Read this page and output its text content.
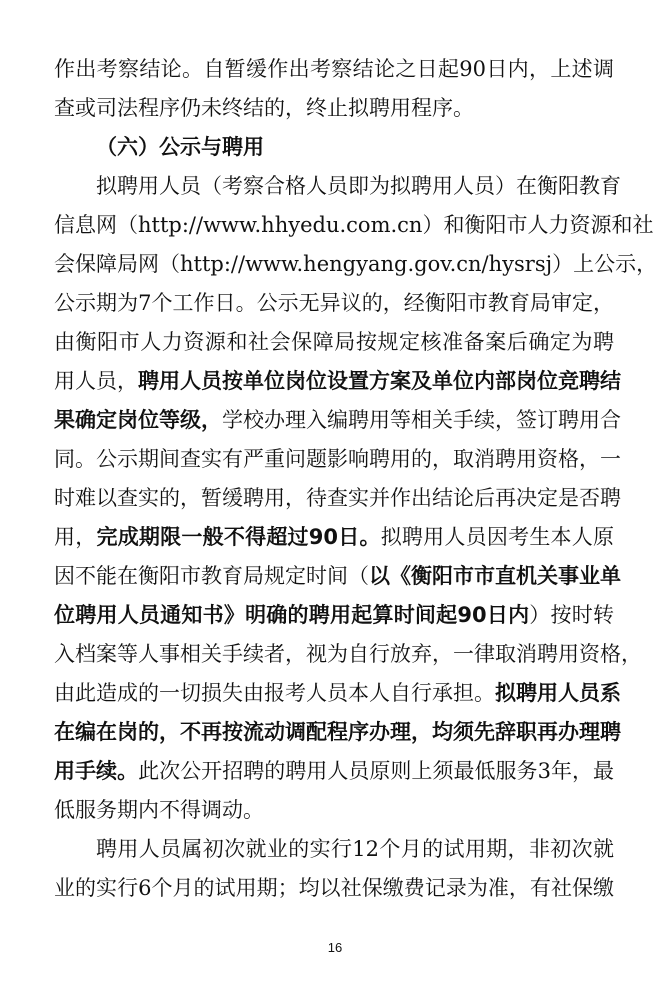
作出考察结论。自暂缓作出考察结论之日起90日内，上述调
查或司法程序仍未终结的，终止拟聘用程序。
（六）公示与聘用
拟聘用人员（考察合格人员即为拟聘用人员）在衡阳教育
信息网（http://www.hhyedu.com.cn）和衡阳市人力资源和社
会保障局网（http://www.hengyang.gov.cn/hysrsj）上公示，
公示期为7个工作日。公示无异议的，经衡阳市教育局审定，
由衡阳市人力资源和社会保障局按规定核准备案后确定为聘
用人员，聘用人员按单位岗位设置方案及单位内部岗位竞聘结
果确定岗位等级，学校办理入编聘用等相关手续，签订聘用合
同。公示期间查实有严重问题影响聘用的，取消聘用资格，一
时难以查实的，暂缓聘用，待查实并作出结论后再决定是否聘
用，完成期限一般不得超过90日。拟聘用人员因考生本人原
因不能在衡阳市教育局规定时间（以《衡阳市市直机关事业单
位聘用人员通知书》明确的聘用起算时间起90日内）按时转
入档案等人事相关手续者，视为自行放弃，一律取消聘用资格，
由此造成的一切损失由报考人员本人自行承担。拟聘用人员系
在编在岗的，不再按流动调配程序办理，均须先辞职再办理聘
用手续。此次公开招聘的聘用人员原则上须最低服务3年，最
低服务期内不得调动。
聘用人员属初次就业的实行12个月的试用期，非初次就
业的实行6个月的试用期；均以社保缴费记录为准，有社保缴
16
